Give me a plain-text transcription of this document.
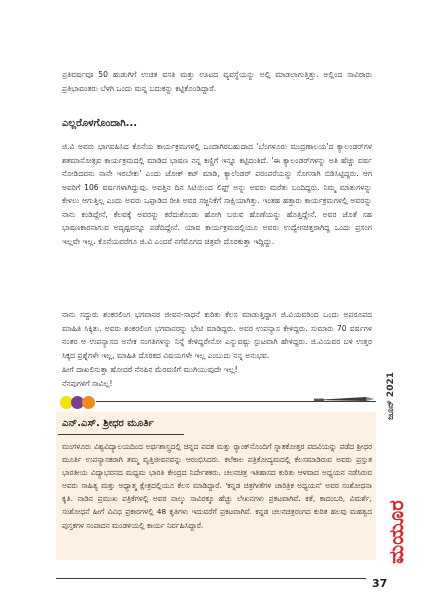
ಪ್ರತಿವರ್ಷವೂ 50 ಹುಡುಗಿಗೆ ಉಚಿತ ವಸತಿ ಮತ್ತು ಊಟದ ವ್ಯವಸ್ಥೆಯನ್ನು ಅಲ್ಲಿ ಮಾಡಲಾಗುತ್ತಿತ್ತು. ಅಲ್ಲಿಂದ ಸಾವಿರಾರು ಪ್ರತಿಭಾವಂತರು ಬೆಳಗಿ ಒಂದು ಮನ್ನ ಬದುಕನ್ನು ಕಟ್ಟಿಕೊಂಡಿದ್ದಾರೆ.

ಎಲ್ಲರೊಳಗೊಂದಾಗಿ...

ಜಿ.ವಿ ಅವರು ಭಾಗವಹಿಸಿದ ಕೊನೆಯ ಕಾರ್ಯಕ್ರಮಗಳಲ್ಲಿ ಒಂದಾಗಿರಬಹುದಾದ 'ಬೆಂಗಳೂರು ಮುದ್ರಣಾಲಯ'ದ ಕ್ಯಾಲಂಡರ್‌ಗಳ ಶತಮಾನೋತ್ಸವ ಕಾರ್ಯಕ್ರಮದಲ್ಲಿ ಮಾಡಿದ ಭಾಷಣ ನನ್ನ ಕಣ್ಣಿಗೆ ಇನ್ನೂ ಕಟ್ಟಿದಂತಿದೆ. 'ಈ ಕ್ಯಾಲಂಡರ್‌ಗಳನ್ನು ಅತಿ ಹೆಚ್ಚು ವರ್ಷ ನೋಡಿದವನು ನಾನೇ ಇರಬೇಕು' ಎಂದು ಜೋಕ್ ಕಟ್ ಮಾಡಿ, ಕ್ಯಾಲೆಂಡರ್ ಪರಂಪರೆಯನ್ನು ಸೊಗಸಾಗಿ ಬಿಡಿಸಿಟ್ಟಿದ್ದರು. ಆಗ ಅವರಿಗೆ 106 ವರ್ಷಗಳಾಗಿದ್ದುವು. ಅವತ್ತಿನ ದಿನ ಸಿಟಿಯಿಂದ ಲಿಫ್ಟ್ ಅನ್ನು ಅವರು ಮರೆತು ಬಂದಿದ್ದರು. ನಿಮ್ಮ ಮಾತುಗಳನ್ನು ಕೇಳಲು ಆಗುತ್ತಿಲ್ಲ ಎಂದು ಅವರು ಒಪ್ಪಾಡಿದ ರೀತಿ ಅವರ ಸಜ್ಜನಿಕೆಗೆ ಸಾಕ್ಷಿಯಾಗಿತ್ತು. ಇಂತಹ ಹತ್ತಾರು ಕಾರ್ಯಕ್ರಮಗಳಲ್ಲಿ ಅವರನ್ನು ನಾನು ಕಂಡಿದ್ದೇನೆ, ಕೆಲವಕ್ಕೆ ಅವರನ್ನು ಕರೆದುಕೊಂಡು ಹೋಗಿ ಬರುವ ಹೊಣೆಯನ್ನು ಹೊತ್ತಿದ್ದೇನೆ. ಅವರ ಜೊತೆ ಸಹ ಭಾಷಣಕಾರನಾಗುವ ಅದೃಷ್ಟವನ್ನೂ ಪಡೆದಿದ್ದೇನೆ. ಯಾವ ಕಾರ್ಯಕ್ರಮದಲ್ಲಿಯೂ ಅವರು ಉದ್ವೇಗಚಿತ್ತರಾಗಿದ್ದ ಒಂದು ಪ್ರಸಂಗ ಇಲ್ಲವೇ ಇಲ್ಲ. ಕೊನೆಯವರೆಗೂ ಜಿ.ವಿ ಎಂದರೆ ನಗೆಮೊಗದ ಚಿತ್ರವೇ ದೊರಕುತ್ತಾ ಇದ್ದಿದ್ದು.

ನಾನು ಸದ್ದುರು ಶಂಕರಲಿಂಗ ಭಗವಾನರ ಜೀವನ-ಸಾಧನೆ ಕುರಿತು ಕೆಲಸ ಮಾಡುತ್ತಿದ್ದಾಗ ಜಿ.ವಿಯವರಿಂದ ಒಂದು ಅಪರೂಪದ ಮಾಹಿತಿ ಸಿಕ್ಕಿತು. ಅವರು ಶಂಕರಲಿಂಗ ಭಗವಾನರನ್ನು ಭೇಟಿ ಮಾಡಿದ್ದರು. ಅವರ ಉಪನ್ಯಾಸ ಕೇಳಿದ್ದರು. ಸುಮಾರು 70 ವರ್ಷಗಳ ನಂತರ ಆ ಉಪನ್ಯಾಸದ ಅನೇಕ ಸಂಗತಿಗಳನ್ನು ನಿನ್ನೆ ಕೇಳಿದ್ದರೇನೋ ಎನ್ನುವಷ್ಟು ಸ್ಪುಟವಾಗಿ ಹೇಳಿದ್ದರು. ಜಿ.ವಿಯವರ ಬಳಿ ಉತ್ತರ ಸಿಕ್ಕದ ಪ್ರಶ್ನೆಗಳೇ ಇಲ್ಲ, ಮಾಹಿತಿ ದೊರಕದ ವಿಷಯಗಳೇ ಇಲ್ಲ ಎಂಬುದು ನನ್ನ ಅನುಭವ.

ಹೀಗೆ ದಾಖಲಿಸುತ್ತಾ ಹೋದರೆ ನೆನಪಿನ ಮೆರವಣಿಗೆ ಮುಗಿಯುವುದೇ ಇಲ್ಲ!
ನೆನಪುಗಳಿಗೆ ಸಾವಿಲ್ಲ!
ಎನ್.ಎಸ್. ಶ್ರೀಧರ ಮೂರ್ತಿ

ಮಂಗಳೂರು ವಿಶ್ವವಿದ್ಯಾಲಯದಿಂದ ಅರ್ಥಶಾಸ್ತ್ರದಲ್ಲಿ ಚಿನ್ನದ ಪದಕ ಮತ್ತು ರ್‍ಯಾಂಕ್‌ನೊಂದಿಗೆ ಸ್ನಾತಕೋತ್ತರ ಪದವಿಯನ್ನು ಪಡೆದ ಶ್ರೀಧರ ಮೂರ್ತಿ ಉಪನ್ಯಾಸಕರಾಗಿ ತಮ್ಮ ವೃತ್ತಿಜೀವನವನ್ನು ಆರಂಭಿಸಿದರು. ಕಲೆಕಾಲ ಪತ್ರಿಕೋದ್ಯಮದಲ್ಲಿ ಕೆಲಸಮಾಡಿರುವ ಅವರು ಪ್ರಸ್ತುತ ಭಾರತೀಯ ವಿದ್ಯಾಭವನದ ಮಧ್ಯಮ ಭಾರತಿ ಕೇಂದ್ರದ ನಿರ್ದೇಶಕರು. ಚಲನಚಿತ್ರ ಇತಿಹಾಸದ ಕುರಿತು ಆಳವಾದ ಅಧ್ಯಯನ ನಡೆಸಿರುವ ಅವರು ಸಾಹಿತ್ಯ ಮತ್ತು ಅಧ್ಯಾತ್ಮ ಕ್ಷೇತ್ರದಲ್ಲಿಯೂ ಕೆಲಸ ಮಾಡಿದ್ದಾರೆ. 'ಕನ್ನಡ ಚಿತ್ರಗೀತೆಗಳ ಚಾರಿತ್ರಿಕ ಅಧ್ಯಯನ' ಅವರ ಸಂಶೋಧನಾ ಕೃತಿ. ನಾಡಿನ ಪ್ರಮುಖ ಪತ್ರಿಕೆಗಳಲ್ಲಿ ಅವರ ನಾಲ್ಕು ಸಾವಿರಕ್ಕೂ ಹೆಚ್ಚು ಲೇಖನಗಳು ಪ್ರಕಟವಾಗಿವೆ. ಕತೆ, ಕಾದಂಬರಿ, ವಿಮರ್ಶೆ, ಸಂಶೋಧನೆ ಹೀಗೆ ವಿವಿಧ ಪ್ರಕಾರಗಳಲ್ಲಿ 48 ಕೃತಿಗಳು ಇದುವರೆಗೆ ಪ್ರಕಟವಾಗಿವೆ. ಕನ್ನಡ ಚಲನಚಿತ್ರರಂಗದ ಕುರಿತ ಹಲವು ಮಹತ್ವದ ಪುಸ್ತಕಗಳ ಸಂಪಾದನ ಮಂಡಳಿಯಲ್ಲಿ ಕಾರ್ಯ ನಿರ್ವಹಿಸಿದ್ದಾರೆ.

ಜೂನ್ 2021
ಮಯೂರ

37
